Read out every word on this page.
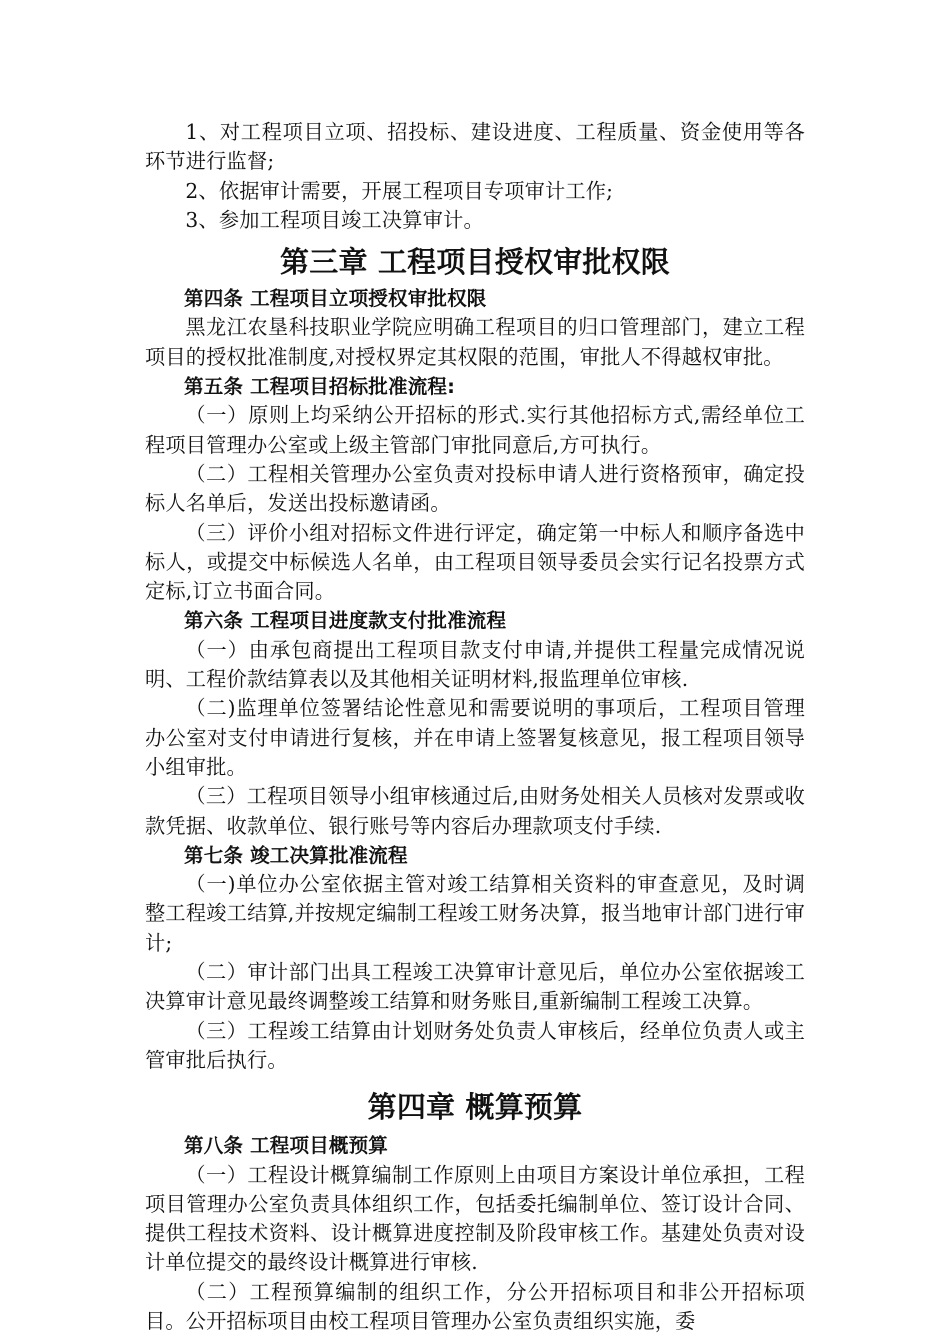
1、对工程项目立项、招投标、建设进度、工程质量、资金使用等各环节进行监督;

2、依据审计需要，开展工程项目专项审计工作;

3、参加工程项目竣工决算审计。

第三章 工程项目授权审批权限

第四条 工程项目立项授权审批权限

黑龙江农垦科技职业学院应明确工程项目的归口管理部门，建立工程项目的授权批准制度,对授权界定其权限的范围，审批人不得越权审批。

第五条 工程项目招标批准流程:

（一）原则上均采纳公开招标的形式.实行其他招标方式,需经单位工程项目管理办公室或上级主管部门审批同意后,方可执行。

（二）工程相关管理办公室负责对投标申请人进行资格预审，确定投标人名单后，发送出投标邀请函。

（三）评价小组对招标文件进行评定，确定第一中标人和顺序备选中标人，或提交中标候选人名单，由工程项目领导委员会实行记名投票方式定标,订立书面合同。

第六条 工程项目进度款支付批准流程

（一）由承包商提出工程项目款支付申请,并提供工程量完成情况说明、工程价款结算表以及其他相关证明材料,报监理单位审核.

（二)监理单位签署结论性意见和需要说明的事项后，工程项目管理办公室对支付申请进行复核，并在申请上签署复核意见，报工程项目领导小组审批。

（三）工程项目领导小组审核通过后,由财务处相关人员核对发票或收款凭据、收款单位、银行账号等内容后办理款项支付手续.

第七条 竣工决算批准流程

（一)单位办公室依据主管对竣工结算相关资料的审查意见，及时调整工程竣工结算,并按规定编制工程竣工财务决算，报当地审计部门进行审计;

（二）审计部门出具工程竣工决算审计意见后，单位办公室依据竣工决算审计意见最终调整竣工结算和财务账目,重新编制工程竣工决算。

（三）工程竣工结算由计划财务处负责人审核后，经单位负责人或主管审批后执行。

第四章 概算预算

第八条 工程项目概预算

（一）工程设计概算编制工作原则上由项目方案设计单位承担，工程项目管理办公室负责具体组织工作，包括委托编制单位、签订设计合同、提供工程技术资料、设计概算进度控制及阶段审核工作。基建处负责对设计单位提交的最终设计概算进行审核.

（二）工程预算编制的组织工作，分公开招标项目和非公开招标项目。公开招标项目由校工程项目管理办公室负责组织实施，委
